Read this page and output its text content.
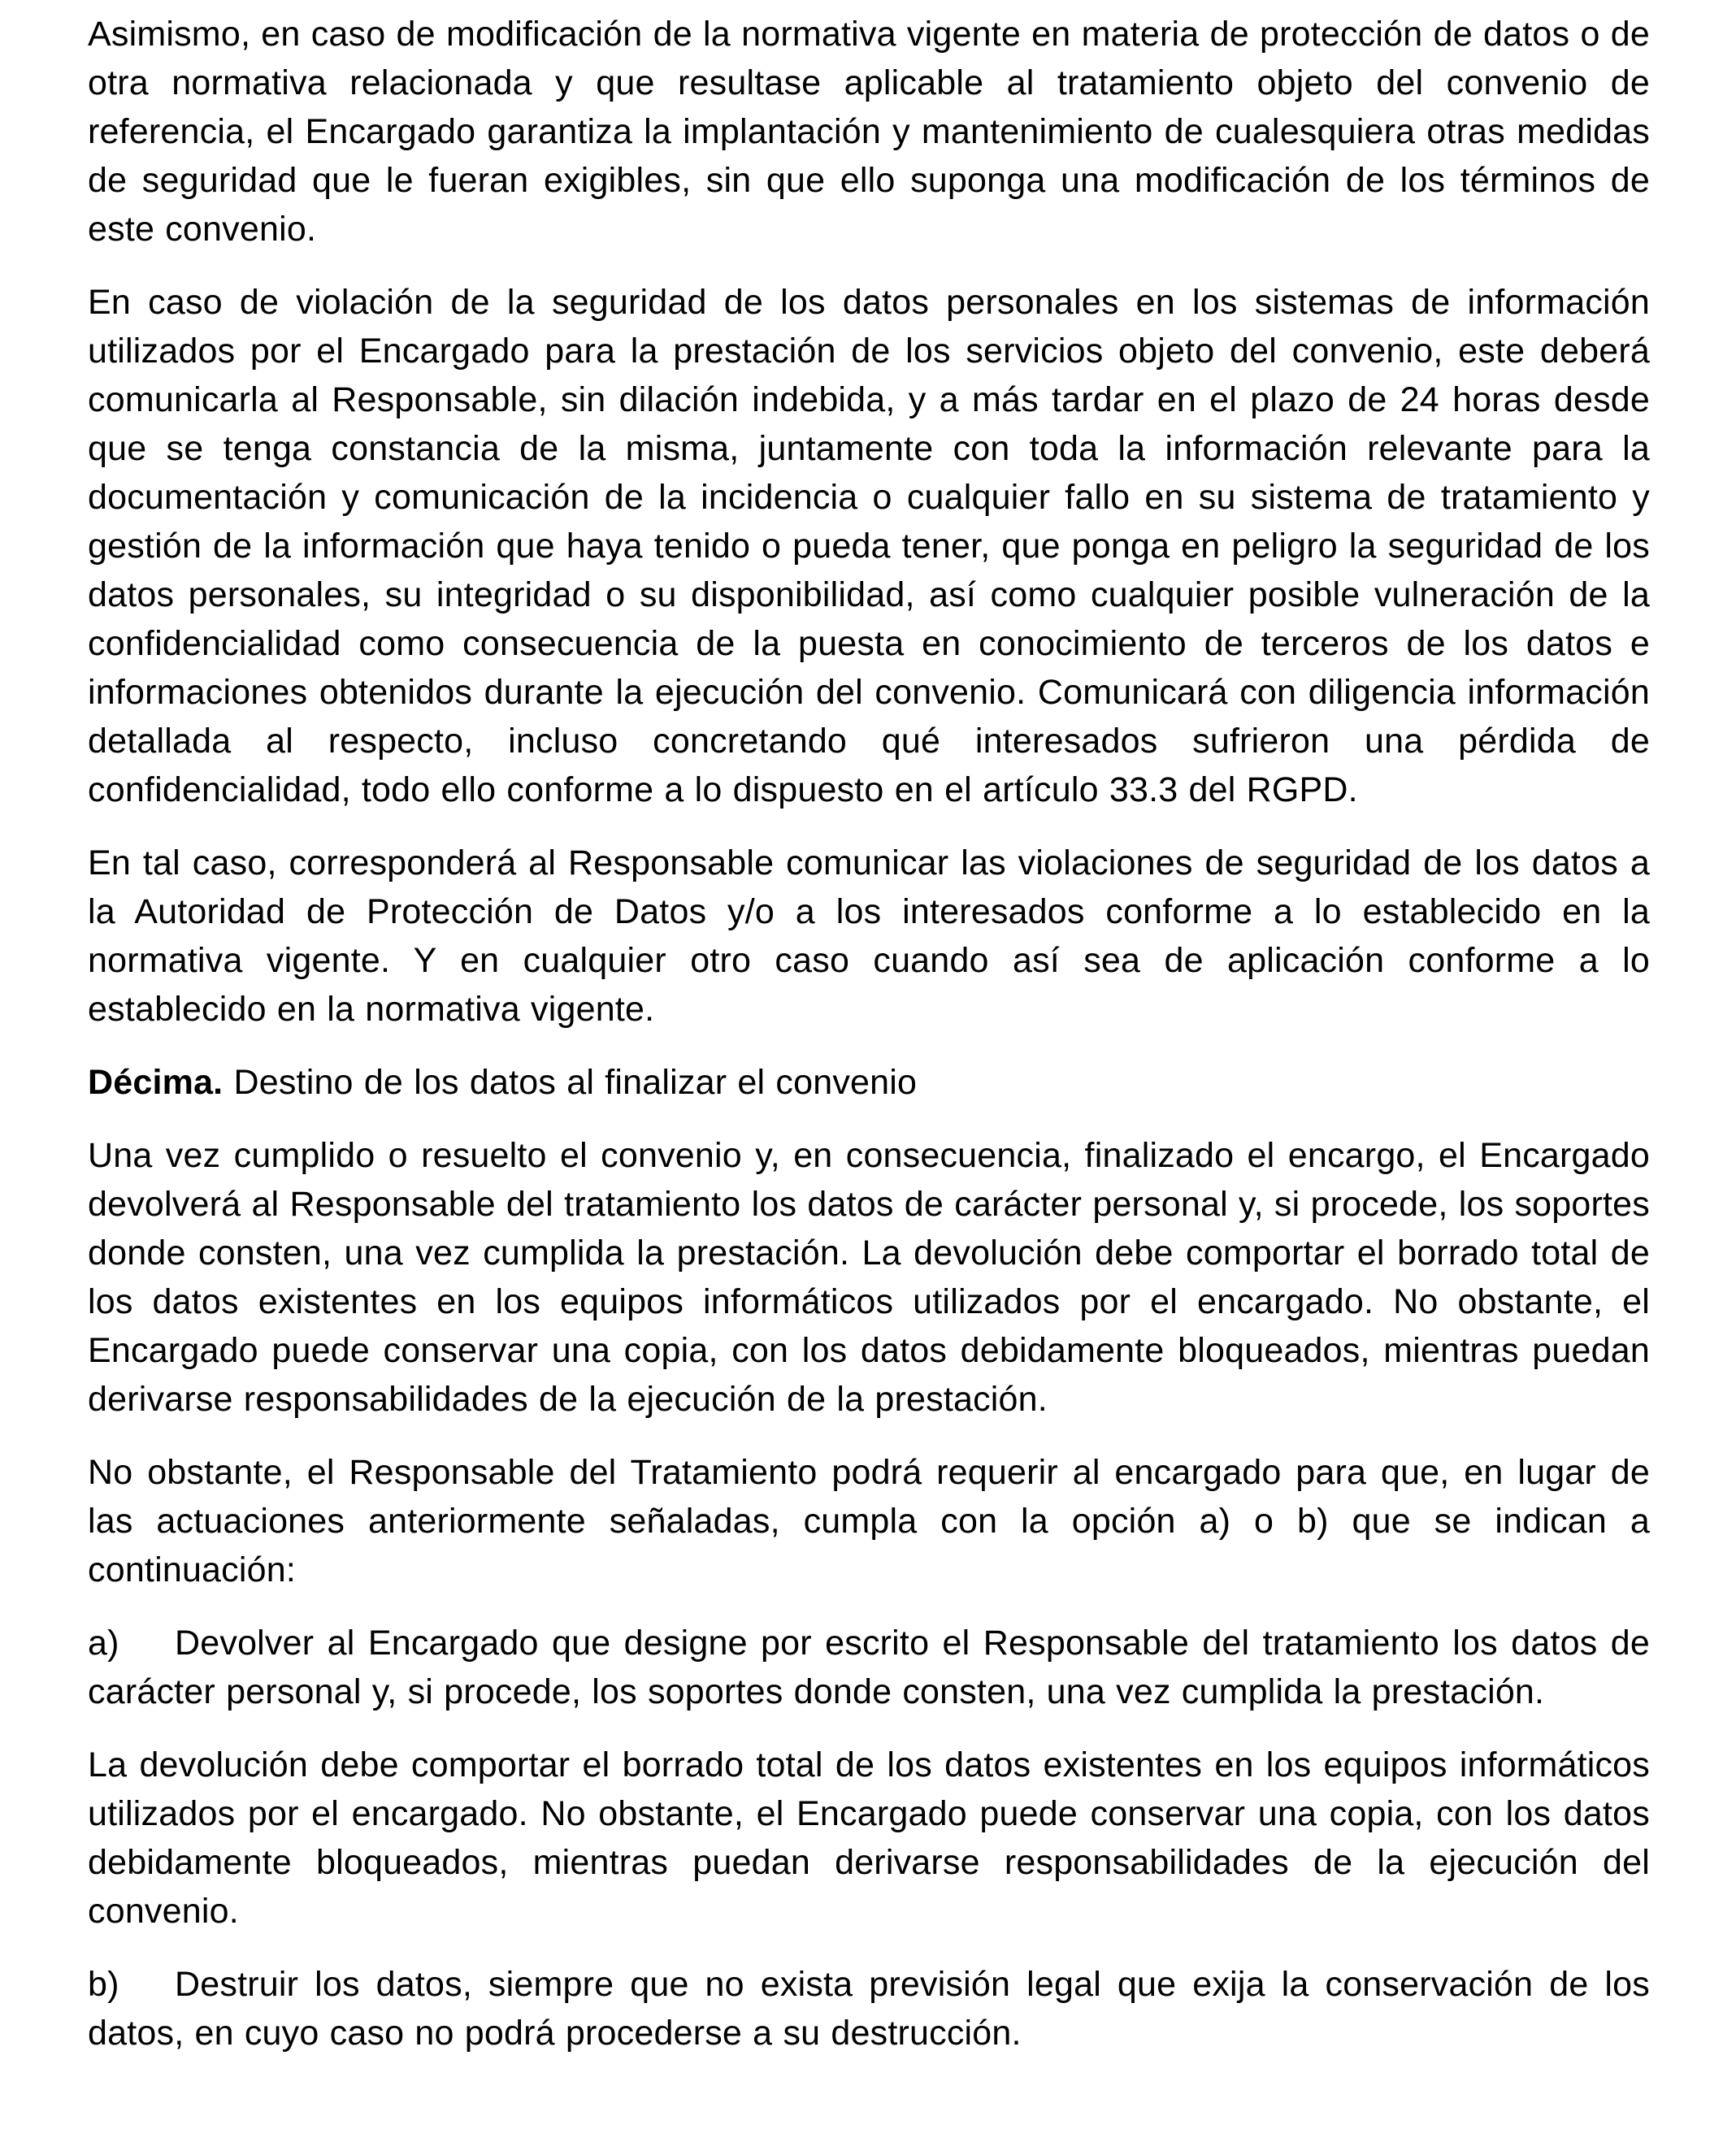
Asimismo, en caso de modificación de la normativa vigente en materia de protección de datos o de otra normativa relacionada y que resultase aplicable al tratamiento objeto del convenio de referencia, el Encargado garantiza la implantación y mantenimiento de cualesquiera otras medidas de seguridad que le fueran exigibles, sin que ello suponga una modificación de los términos de este convenio.

En caso de violación de la seguridad de los datos personales en los sistemas de información utilizados por el Encargado para la prestación de los servicios objeto del convenio, este deberá comunicarla al Responsable, sin dilación indebida, y a más tardar en el plazo de 24 horas desde que se tenga constancia de la misma, juntamente con toda la información relevante para la documentación y comunicación de la incidencia o cualquier fallo en su sistema de tratamiento y gestión de la información que haya tenido o pueda tener, que ponga en peligro la seguridad de los datos personales, su integridad o su disponibilidad, así como cualquier posible vulneración de la confidencialidad como consecuencia de la puesta en conocimiento de terceros de los datos e informaciones obtenidos durante la ejecución del convenio. Comunicará con diligencia información detallada al respecto, incluso concretando qué interesados sufrieron una pérdida de confidencialidad, todo ello conforme a lo dispuesto en el artículo 33.3 del RGPD.

En tal caso, corresponderá al Responsable comunicar las violaciones de seguridad de los datos a la Autoridad de Protección de Datos y/o a los interesados conforme a lo establecido en la normativa vigente. Y en cualquier otro caso cuando así sea de aplicación conforme a lo establecido en la normativa vigente.

Décima. Destino de los datos al finalizar el convenio

Una vez cumplido o resuelto el convenio y, en consecuencia, finalizado el encargo, el Encargado devolverá al Responsable del tratamiento los datos de carácter personal y, si procede, los soportes donde consten, una vez cumplida la prestación. La devolución debe comportar el borrado total de los datos existentes en los equipos informáticos utilizados por el encargado. No obstante, el Encargado puede conservar una copia, con los datos debidamente bloqueados, mientras puedan derivarse responsabilidades de la ejecución de la prestación.

No obstante, el Responsable del Tratamiento podrá requerir al encargado para que, en lugar de las actuaciones anteriormente señaladas, cumpla con la opción a) o b) que se indican a continuación:

a) Devolver al Encargado que designe por escrito el Responsable del tratamiento los datos de carácter personal y, si procede, los soportes donde consten, una vez cumplida la prestación.

La devolución debe comportar el borrado total de los datos existentes en los equipos informáticos utilizados por el encargado. No obstante, el Encargado puede conservar una copia, con los datos debidamente bloqueados, mientras puedan derivarse responsabilidades de la ejecución del convenio.

b) Destruir los datos, siempre que no exista previsión legal que exija la conservación de los datos, en cuyo caso no podrá procederse a su destrucción.
